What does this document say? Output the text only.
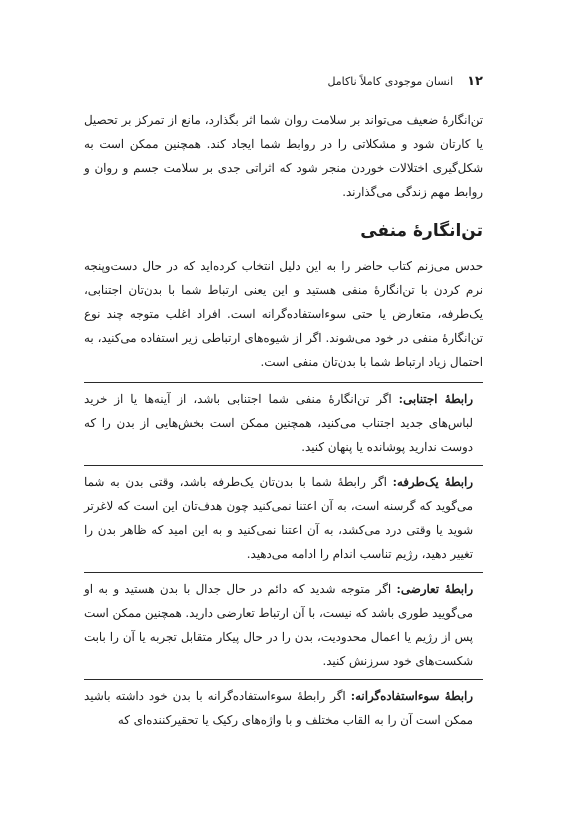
۱۲
انسان موجودی کاملاً ناکامل

تن‌انگارهٔ ضعیف می‌تواند بر سلامت روان شما اثر بگذارد، مانع از تمرکز بر تحصیل یا کارتان شود و مشکلاتی را در روابط شما ایجاد کند. همچنین ممکن است به شکل‌گیری اختلالات خوردن منجر شود که اثراتی جدی بر سلامت جسم و روان و روابط مهم زندگی می‌گذارند.

تن‌انگارهٔ منفی

حدس می‌زنم کتاب حاضر را به این دلیل انتخاب کرده‌اید که در حال دست‌وپنجه نرم کردن با تن‌انگارهٔ منفی هستید و این یعنی ارتباط شما با بدن‌تان اجتنابی، یک‌طرفه، متعارض یا حتی سوءاستفاده‌گرانه است. افراد اغلب متوجه چند نوع تن‌انگارهٔ منفی در خود می‌شوند. اگر از شیوه‌های ارتباطی زیر استفاده می‌کنید، به احتمال زیاد ارتباط شما با بدن‌تان منفی است.

رابطهٔ اجتنابی: اگر تن‌انگارهٔ منفی شما اجتنابی باشد، از آینه‌ها یا از خرید لباس‌های جدید اجتناب می‌کنید، همچنین ممکن است بخش‌هایی از بدن را که دوست ندارید پوشانده یا پنهان کنید.

رابطهٔ یک‌طرفه: اگر رابطهٔ شما با بدن‌تان یک‌طرفه باشد، وقتی بدن به شما می‌گوید که گرسنه است، به آن اعتنا نمی‌کنید چون هدف‌تان این است که لاغرتر شوید یا وقتی درد می‌کشد، به آن اعتنا نمی‌کنید و به این امید که ظاهر بدن را تغییر دهید، رژیم تناسب اندام را ادامه می‌دهید.

رابطهٔ تعارضی: اگر متوجه شدید که دائم در حال جدال با بدن هستید و به او می‌گویید طوری باشد که نیست، با آن ارتباط تعارضی دارید. همچنین ممکن است پس از رژیم یا اعمال محدودیت، بدن را در حال پیکار متقابل تجربه یا آن را بابت شکست‌های خود سرزنش کنید.

رابطهٔ سوءاستفاده‌گرانه: اگر رابطهٔ سوءاستفاده‌گرانه با بدن خود داشته باشید ممکن است آن را به القاب مختلف و با واژه‌های رکیک یا تحقیرکننده‌ای که
